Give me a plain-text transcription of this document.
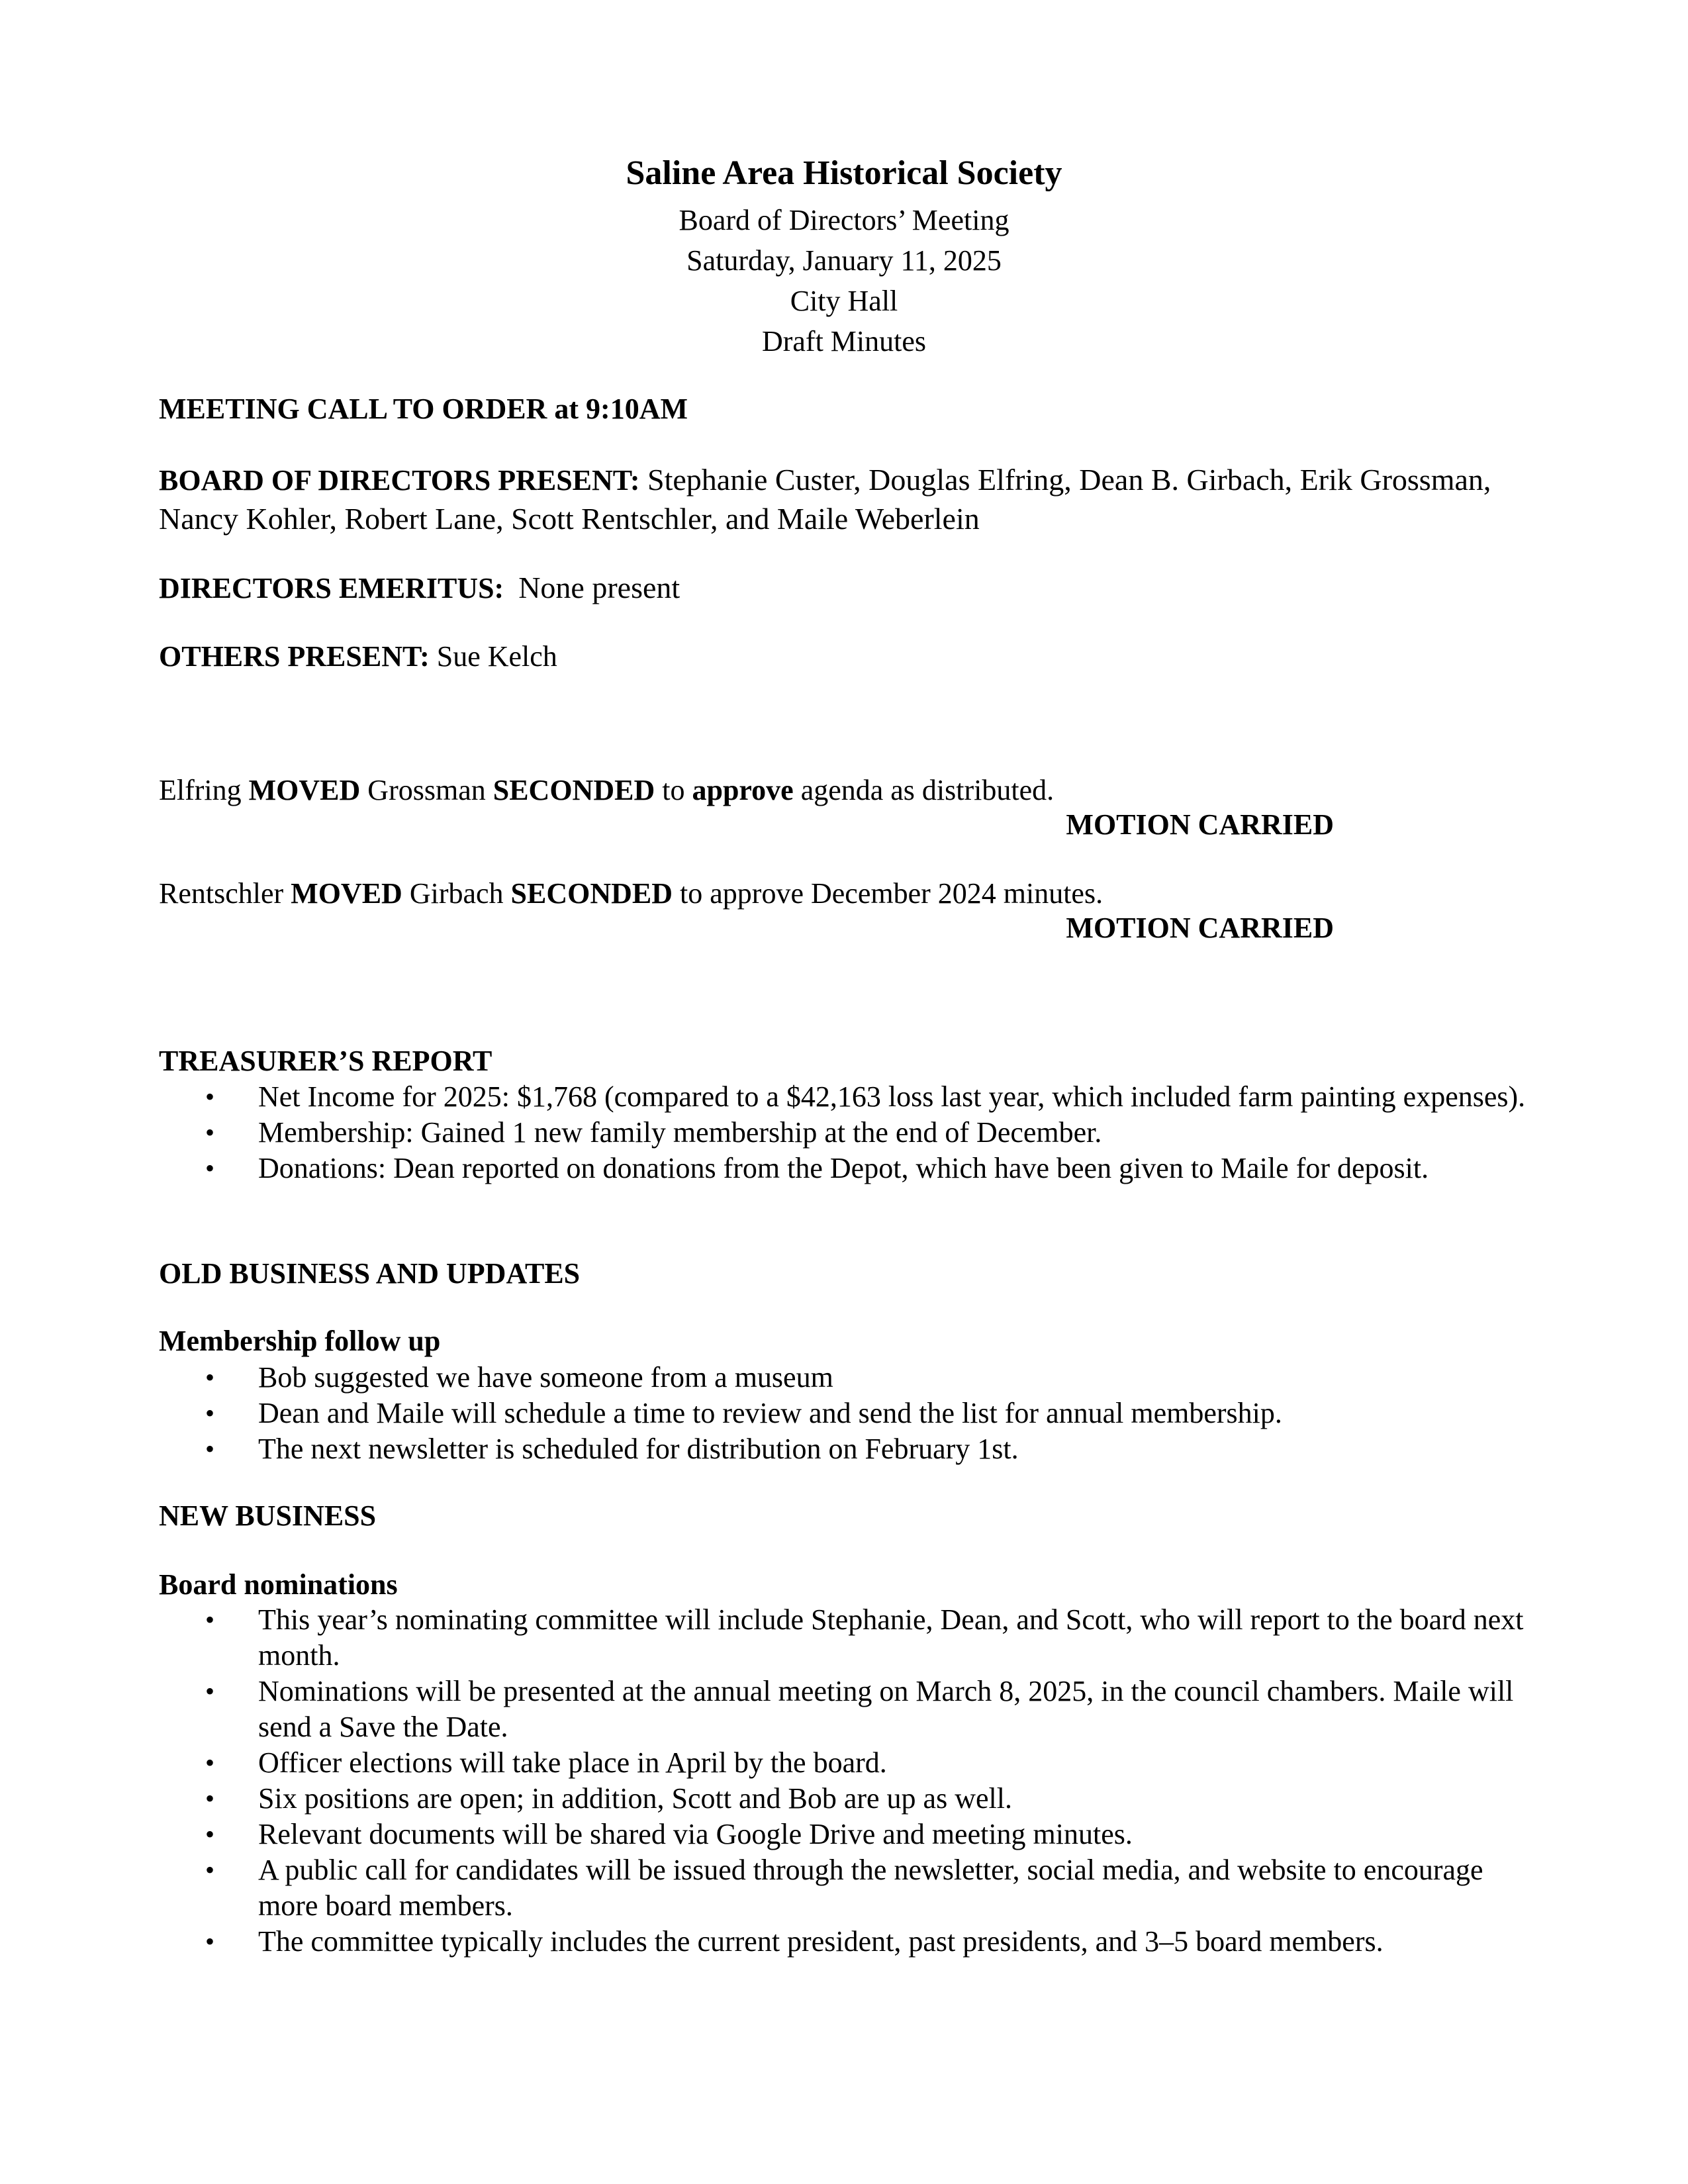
Saline Area Historical Society

Board of Directors’ Meeting

Saturday, January 11, 2025

City Hall

Draft Minutes

MEETING CALL TO ORDER at 9:10AM
BOARD OF DIRECTORS PRESENT: Stephanie Custer, Douglas Elfring, Dean B. Girbach, Erik Grossman, Nancy Kohler, Robert Lane, Scott Rentschler, and Maile Weberlein
DIRECTORS EMERITUS: None present
OTHERS PRESENT: Sue Kelch
Elfring MOVED Grossman SECONDED to approve agenda as distributed.
MOTION CARRIED
Rentschler MOVED Girbach SECONDED to approve December 2024 minutes.
MOTION CARRIED
TREASURER’S REPORT
• Net Income for 2025: $1,768 (compared to a $42,163 loss last year, which included farm painting expenses).
• Membership: Gained 1 new family membership at the end of December.
• Donations: Dean reported on donations from the Depot, which have been given to Maile for deposit.
OLD BUSINESS AND UPDATES
Membership follow up
• Bob suggested we have someone from a museum
• Dean and Maile will schedule a time to review and send the list for annual membership.
• The next newsletter is scheduled for distribution on February 1st.
NEW BUSINESS
Board nominations
• This year’s nominating committee will include Stephanie, Dean, and Scott, who will report to the board next month.
• Nominations will be presented at the annual meeting on March 8, 2025, in the council chambers. Maile will send a Save the Date.
• Officer elections will take place in April by the board.
• Six positions are open; in addition, Scott and Bob are up as well.
• Relevant documents will be shared via Google Drive and meeting minutes.
• A public call for candidates will be issued through the newsletter, social media, and website to encourage more board members.
• The committee typically includes the current president, past presidents, and 3–5 board members.
